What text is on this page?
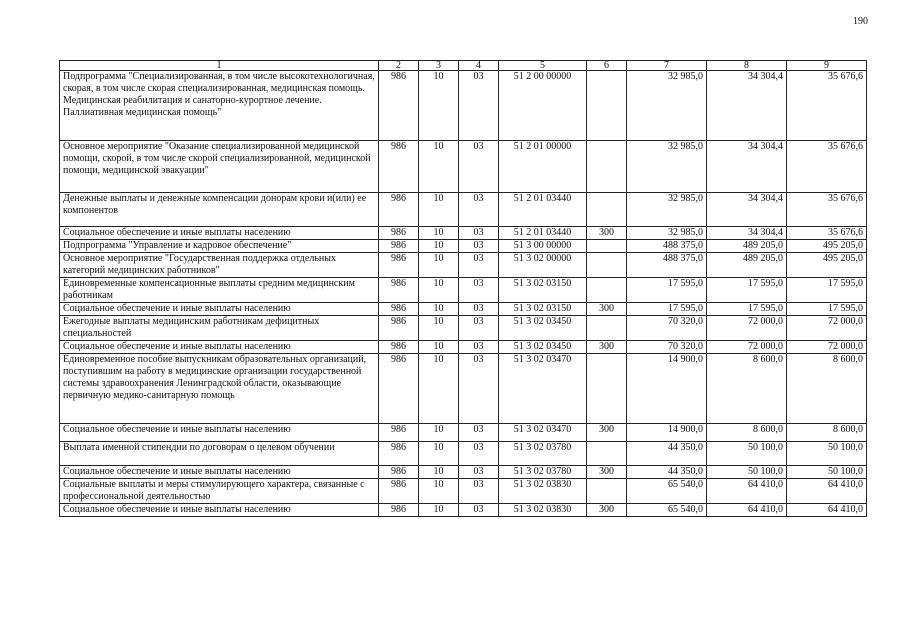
190
1	2	3	4	5	6	7	8	9
Подпрограмма "Специализированная, в том числе высокотехнологичная, скорая, в том числе скорая специализированная, медицинская помощь. Медицинская реабилитация и санаторно-курортное лечение. Паллиативная медицинская помощь"	986	10	03	51 2 00 00000		32 985,0	34 304,4	35 676,6
Основное мероприятие "Оказание специализированной медицинской помощи, скорой, в том числе скорой специализированной, медицинской помощи, медицинской эвакуации"	986	10	03	51 2 01 00000		32 985,0	34 304,4	35 676,6
Денежные выплаты и денежные компенсации донорам крови и(или) ее компонентов	986	10	03	51 2 01 03440		32 985,0	34 304,4	35 676,6
Социальное обеспечение и иные выплаты населению	986	10	03	51 2 01 03440	300	32 985,0	34 304,4	35 676,6
Подпрограмма "Управление и кадровое обеспечение"	986	10	03	51 3 00 00000		488 375,0	489 205,0	495 205,0
Основное мероприятие "Государственная поддержка отдельных категорий медицинских работников"	986	10	03	51 3 02 00000		488 375,0	489 205,0	495 205,0
Единовременные компенсационные выплаты средним медицинским работникам	986	10	03	51 3 02 03150		17 595,0	17 595,0	17 595,0
Социальное обеспечение и иные выплаты населению	986	10	03	51 3 02 03150	300	17 595,0	17 595,0	17 595,0
Ежегодные выплаты медицинским работникам дефицитных специальностей	986	10	03	51 3 02 03450		70 320,0	72 000,0	72 000,0
Социальное обеспечение и иные выплаты населению	986	10	03	51 3 02 03450	300	70 320,0	72 000,0	72 000,0
Единовременное пособие выпускникам образовательных организаций, поступившим на работу в медицинские организации государственной системы здравоохранения Ленинградской области, оказывающие первичную медико-санитарную помощь	986	10	03	51 3 02 03470		14 900,0	8 600,0	8 600,0
Социальное обеспечение и иные выплаты населению	986	10	03	51 3 02 03470	300	14 900,0	8 600,0	8 600,0
Выплата именной стипендии по договорам о целевом обучении	986	10	03	51 3 02 03780		44 350,0	50 100,0	50 100,0
Социальное обеспечение и иные выплаты населению	986	10	03	51 3 02 03780	300	44 350,0	50 100,0	50 100,0
Социальные выплаты и меры стимулирующего характера, связанные с профессиональной деятельностью	986	10	03	51 3 02 03830		65 540,0	64 410,0	64 410,0
Социальное обеспечение и иные выплаты населению	986	10	03	51 3 02 03830	300	65 540,0	64 410,0	64 410,0
